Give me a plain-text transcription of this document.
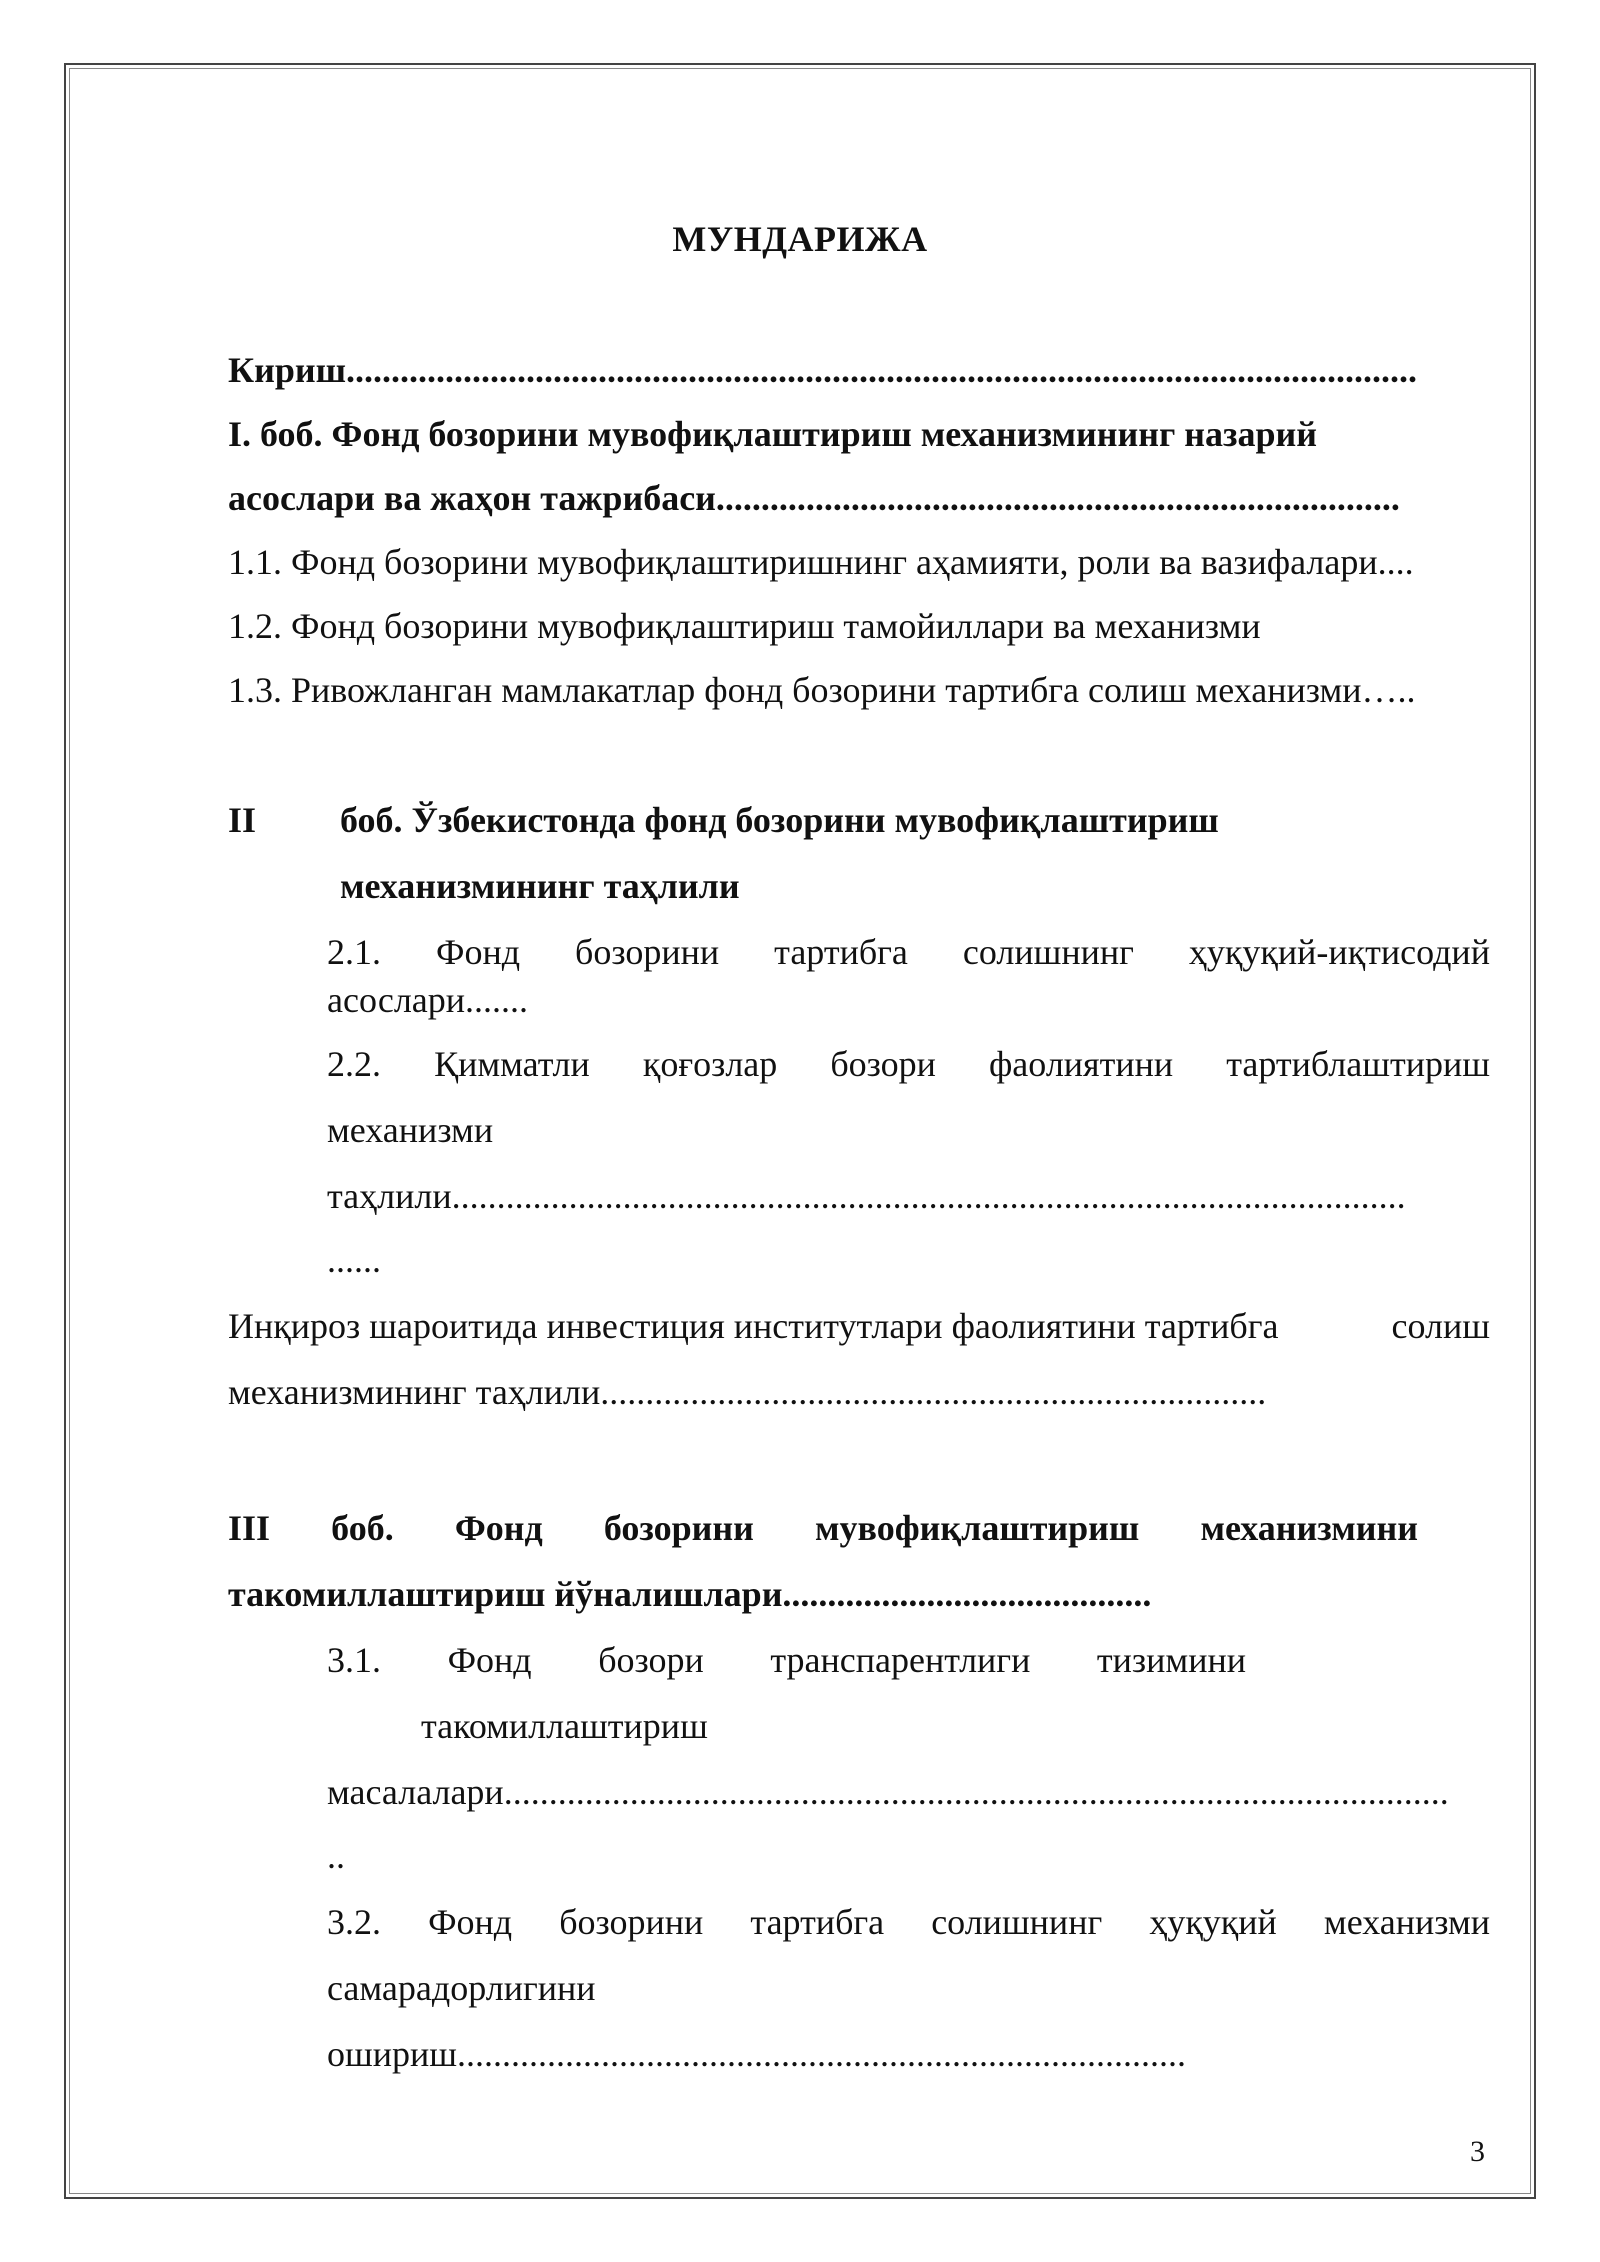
МУНДАРИЖА
Кириш.......................................................................................................................
I. боб. Фонд бозорини мувофиқлаштириш механизмининг назарий
асослари ва жаҳон тажрибаси............................................................................
1.1. Фонд бозорини мувофиқлаштиришнинг аҳамияти, роли ва вазифалари....
1.2. Фонд бозорини мувофиқлаштириш тамойиллари ва механизми
1.3. Ривожланган мамлакатлар фонд бозорини тартибга солиш механизми…..
II боб. Ўзбекистонда фонд бозорини мувофиқлаштириш
механизмининг таҳлили
2.1. Фонд бозорини тартибга солишнинг ҳуқуқий-иқтисодий
асослари.......
2.2. Қимматли қоғозлар бозори фаолиятини тартиблаштириш
механизми
таҳлили..........................................................................................................
......
Инқироз шароитида инвестиция институтлари фаолиятини тартибга	солиш
механизмининг таҳлили..........................................................................
III боб. Фонд бозорини мувофиқлаштириш механизмини
такомиллаштириш йўналишлари.........................................
3.1. Фонд бозори транспарентлиги тизимини
такомиллаштириш
масалалари.........................................................................................................
..
3.2. Фонд бозорини тартибга солишнинг ҳуқуқий механизми
самарадорлигини
ошириш.................................................................................
3
